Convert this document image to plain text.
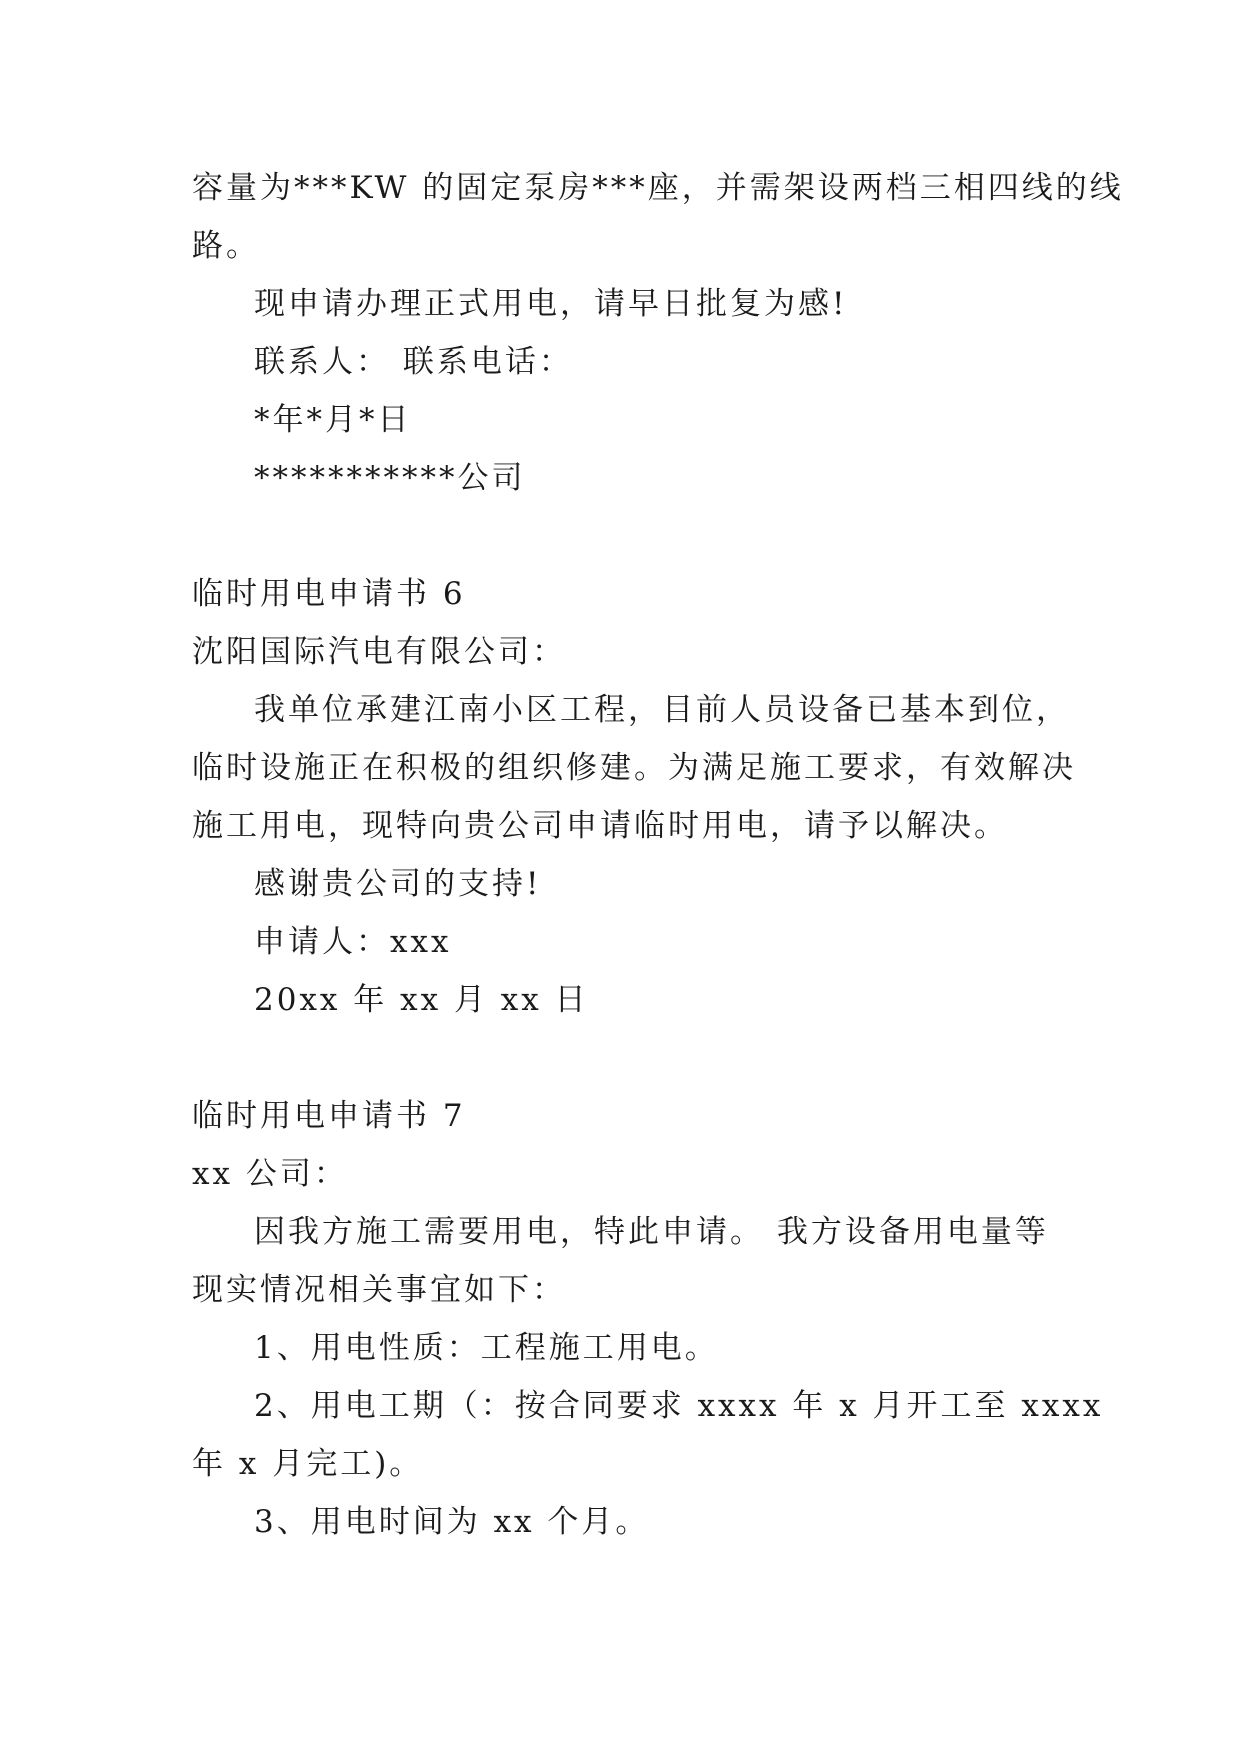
容量为***KW 的固定泵房***座，并需架设两档三相四线的线
路。
现申请办理正式用电，请早日批复为感!
联系人： 联系电话：
*年*月*日
***********公司
临时用电申请书 6
沈阳国际汽电有限公司：
我单位承建江南小区工程，目前人员设备已基本到位，
临时设施正在积极的组织修建。为满足施工要求，有效解决
施工用电，现特向贵公司申请临时用电，请予以解决。
感谢贵公司的支持!
申请人：xxx
20xx 年 xx 月 xx 日
临时用电申请书 7
xx 公司：
因我方施工需要用电，特此申请。 我方设备用电量等
现实情况相关事宜如下：
1、用电性质：工程施工用电。
2、用电工期（：按合同要求 xxxx 年 x 月开工至 xxxx
年 x 月完工)。
3、用电时间为 xx 个月。
